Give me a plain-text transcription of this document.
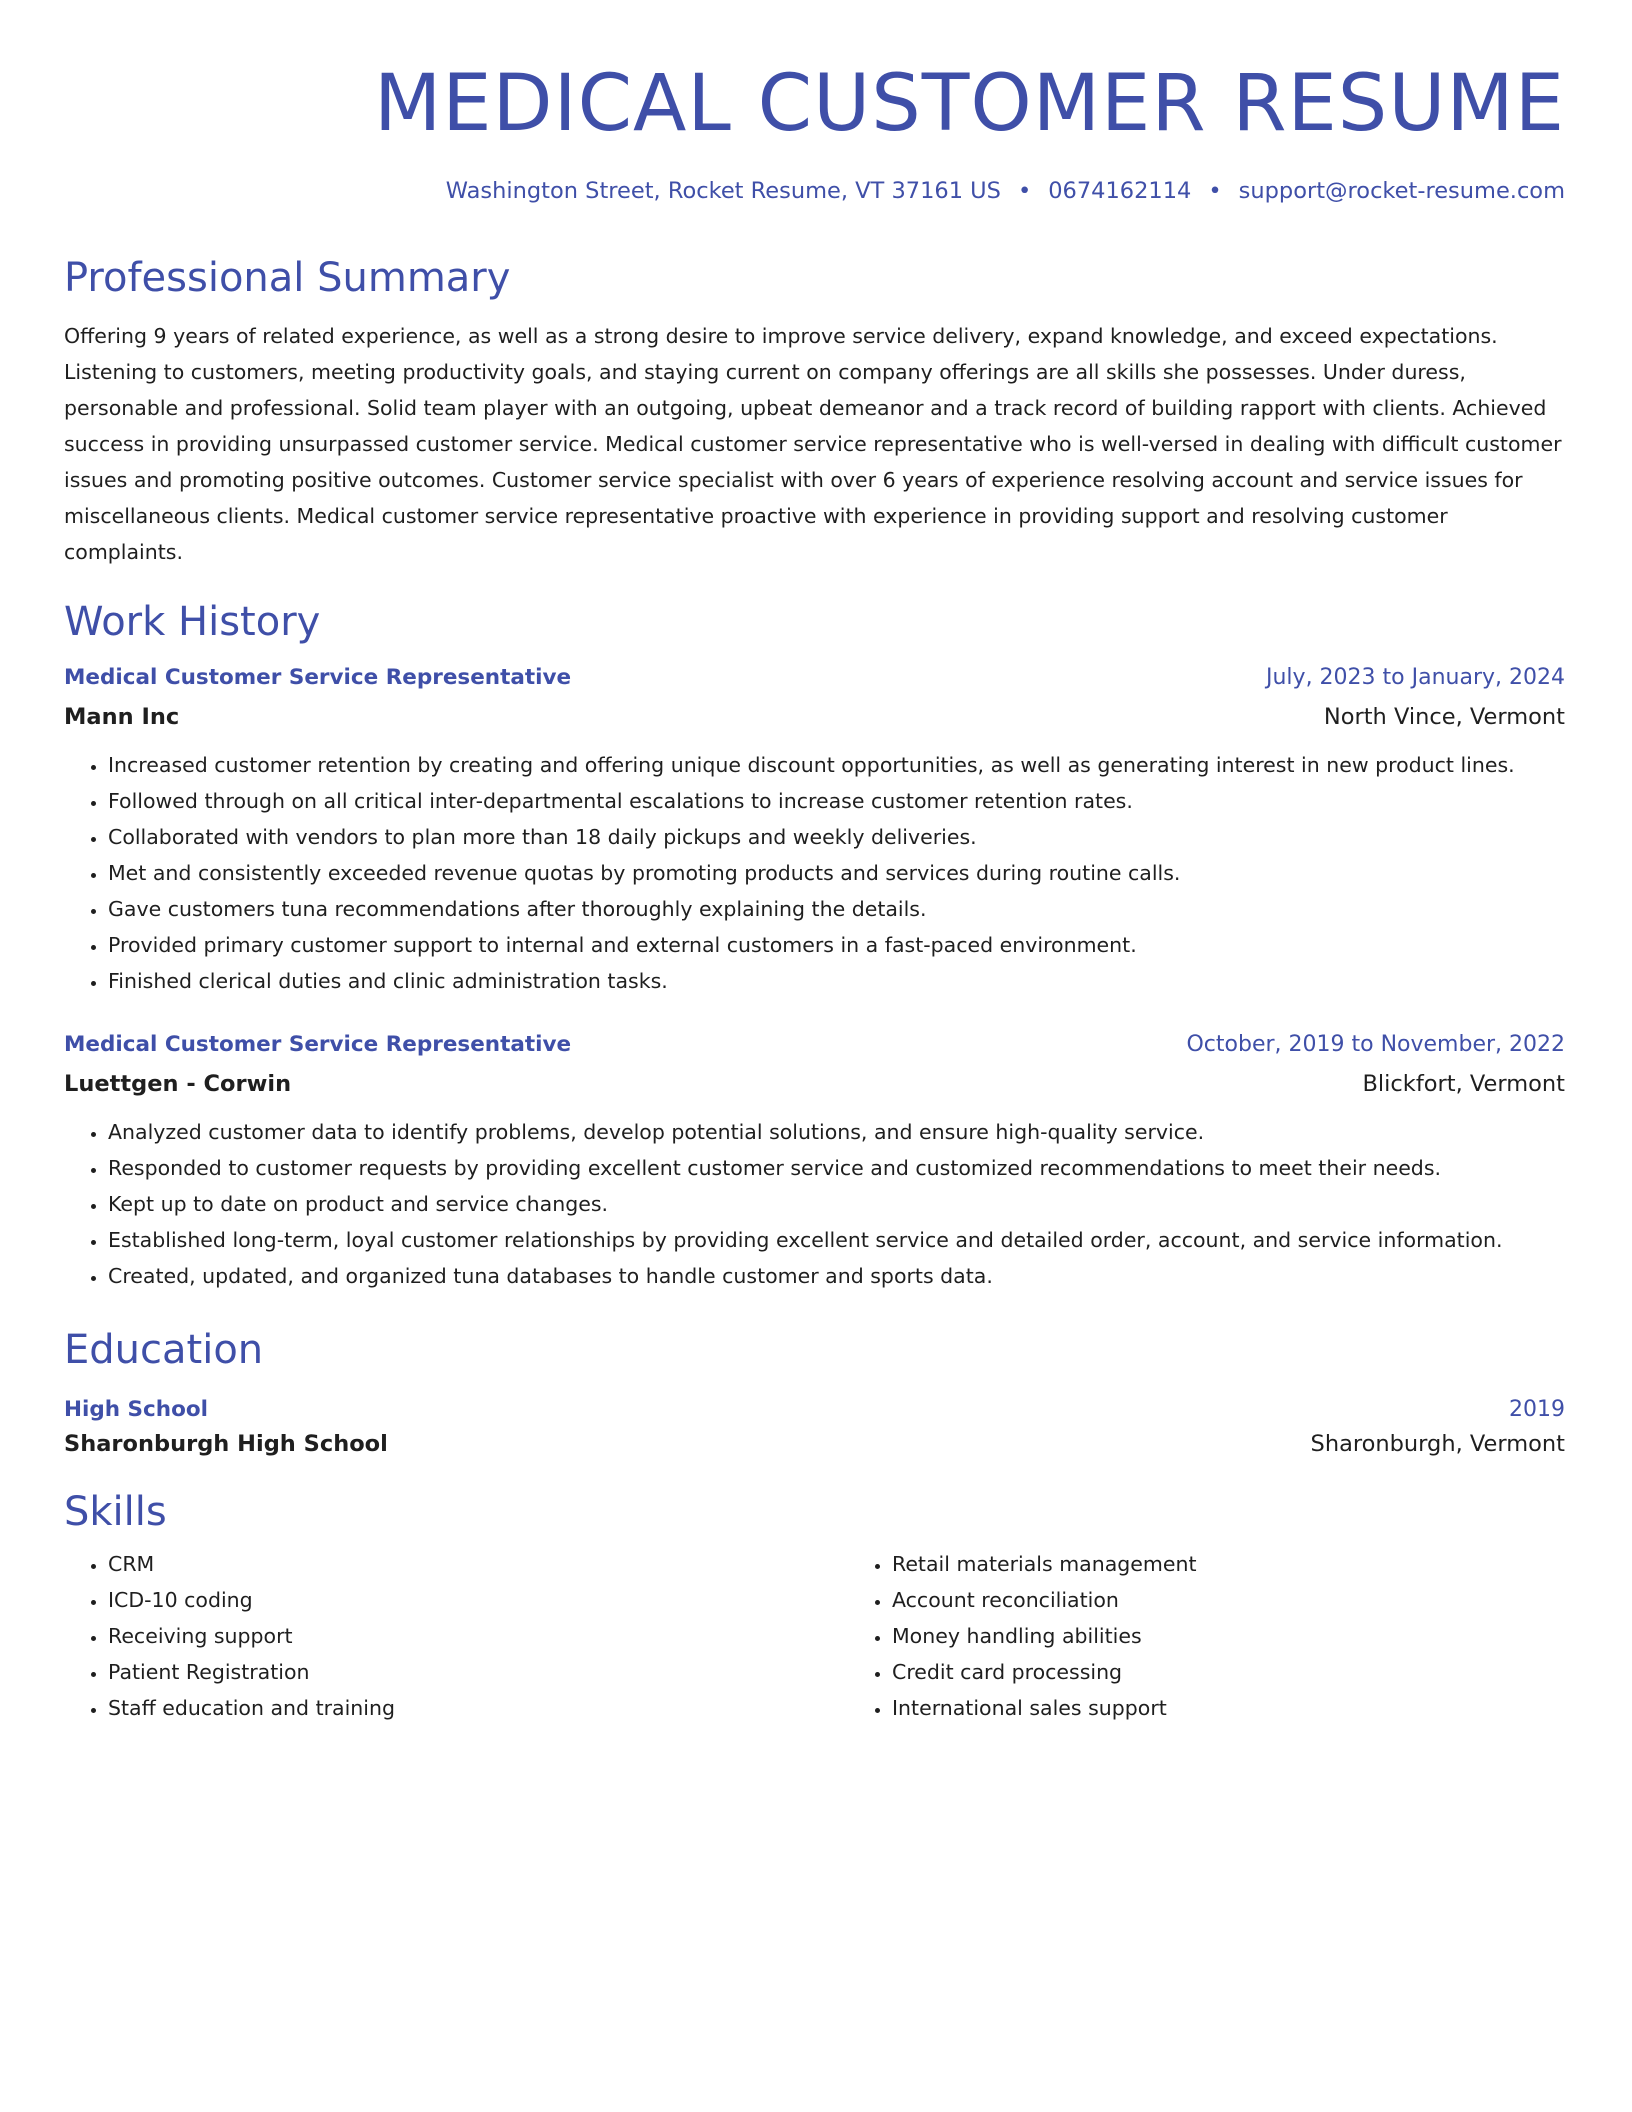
MEDICAL CUSTOMER RESUME
Washington Street, Rocket Resume, VT 37161 US • 0674162114 • support@rocket-resume.com
Professional Summary
Offering 9 years of related experience, as well as a strong desire to improve service delivery, expand knowledge, and exceed expectations. Listening to customers, meeting productivity goals, and staying current on company offerings are all skills she possesses. Under duress, personable and professional. Solid team player with an outgoing, upbeat demeanor and a track record of building rapport with clients. Achieved success in providing unsurpassed customer service. Medical customer service representative who is well-versed in dealing with difficult customer issues and promoting positive outcomes. Customer service specialist with over 6 years of experience resolving account and service issues for miscellaneous clients. Medical customer service representative proactive with experience in providing support and resolving customer complaints.
Work History
Medical Customer Service Representative	July, 2023 to January, 2024
Mann Inc	North Vince, Vermont
• Increased customer retention by creating and offering unique discount opportunities, as well as generating interest in new product lines.
• Followed through on all critical inter-departmental escalations to increase customer retention rates.
• Collaborated with vendors to plan more than 18 daily pickups and weekly deliveries.
• Met and consistently exceeded revenue quotas by promoting products and services during routine calls.
• Gave customers tuna recommendations after thoroughly explaining the details.
• Provided primary customer support to internal and external customers in a fast-paced environment.
• Finished clerical duties and clinic administration tasks.
Medical Customer Service Representative	October, 2019 to November, 2022
Luettgen - Corwin	Blickfort, Vermont
• Analyzed customer data to identify problems, develop potential solutions, and ensure high-quality service.
• Responded to customer requests by providing excellent customer service and customized recommendations to meet their needs.
• Kept up to date on product and service changes.
• Established long-term, loyal customer relationships by providing excellent service and detailed order, account, and service information.
• Created, updated, and organized tuna databases to handle customer and sports data.
Education
High School	2019
Sharonburgh High School	Sharonburgh, Vermont
Skills
• CRM
• ICD-10 coding
• Receiving support
• Patient Registration
• Staff education and training
• Retail materials management
• Account reconciliation
• Money handling abilities
• Credit card processing
• International sales support
